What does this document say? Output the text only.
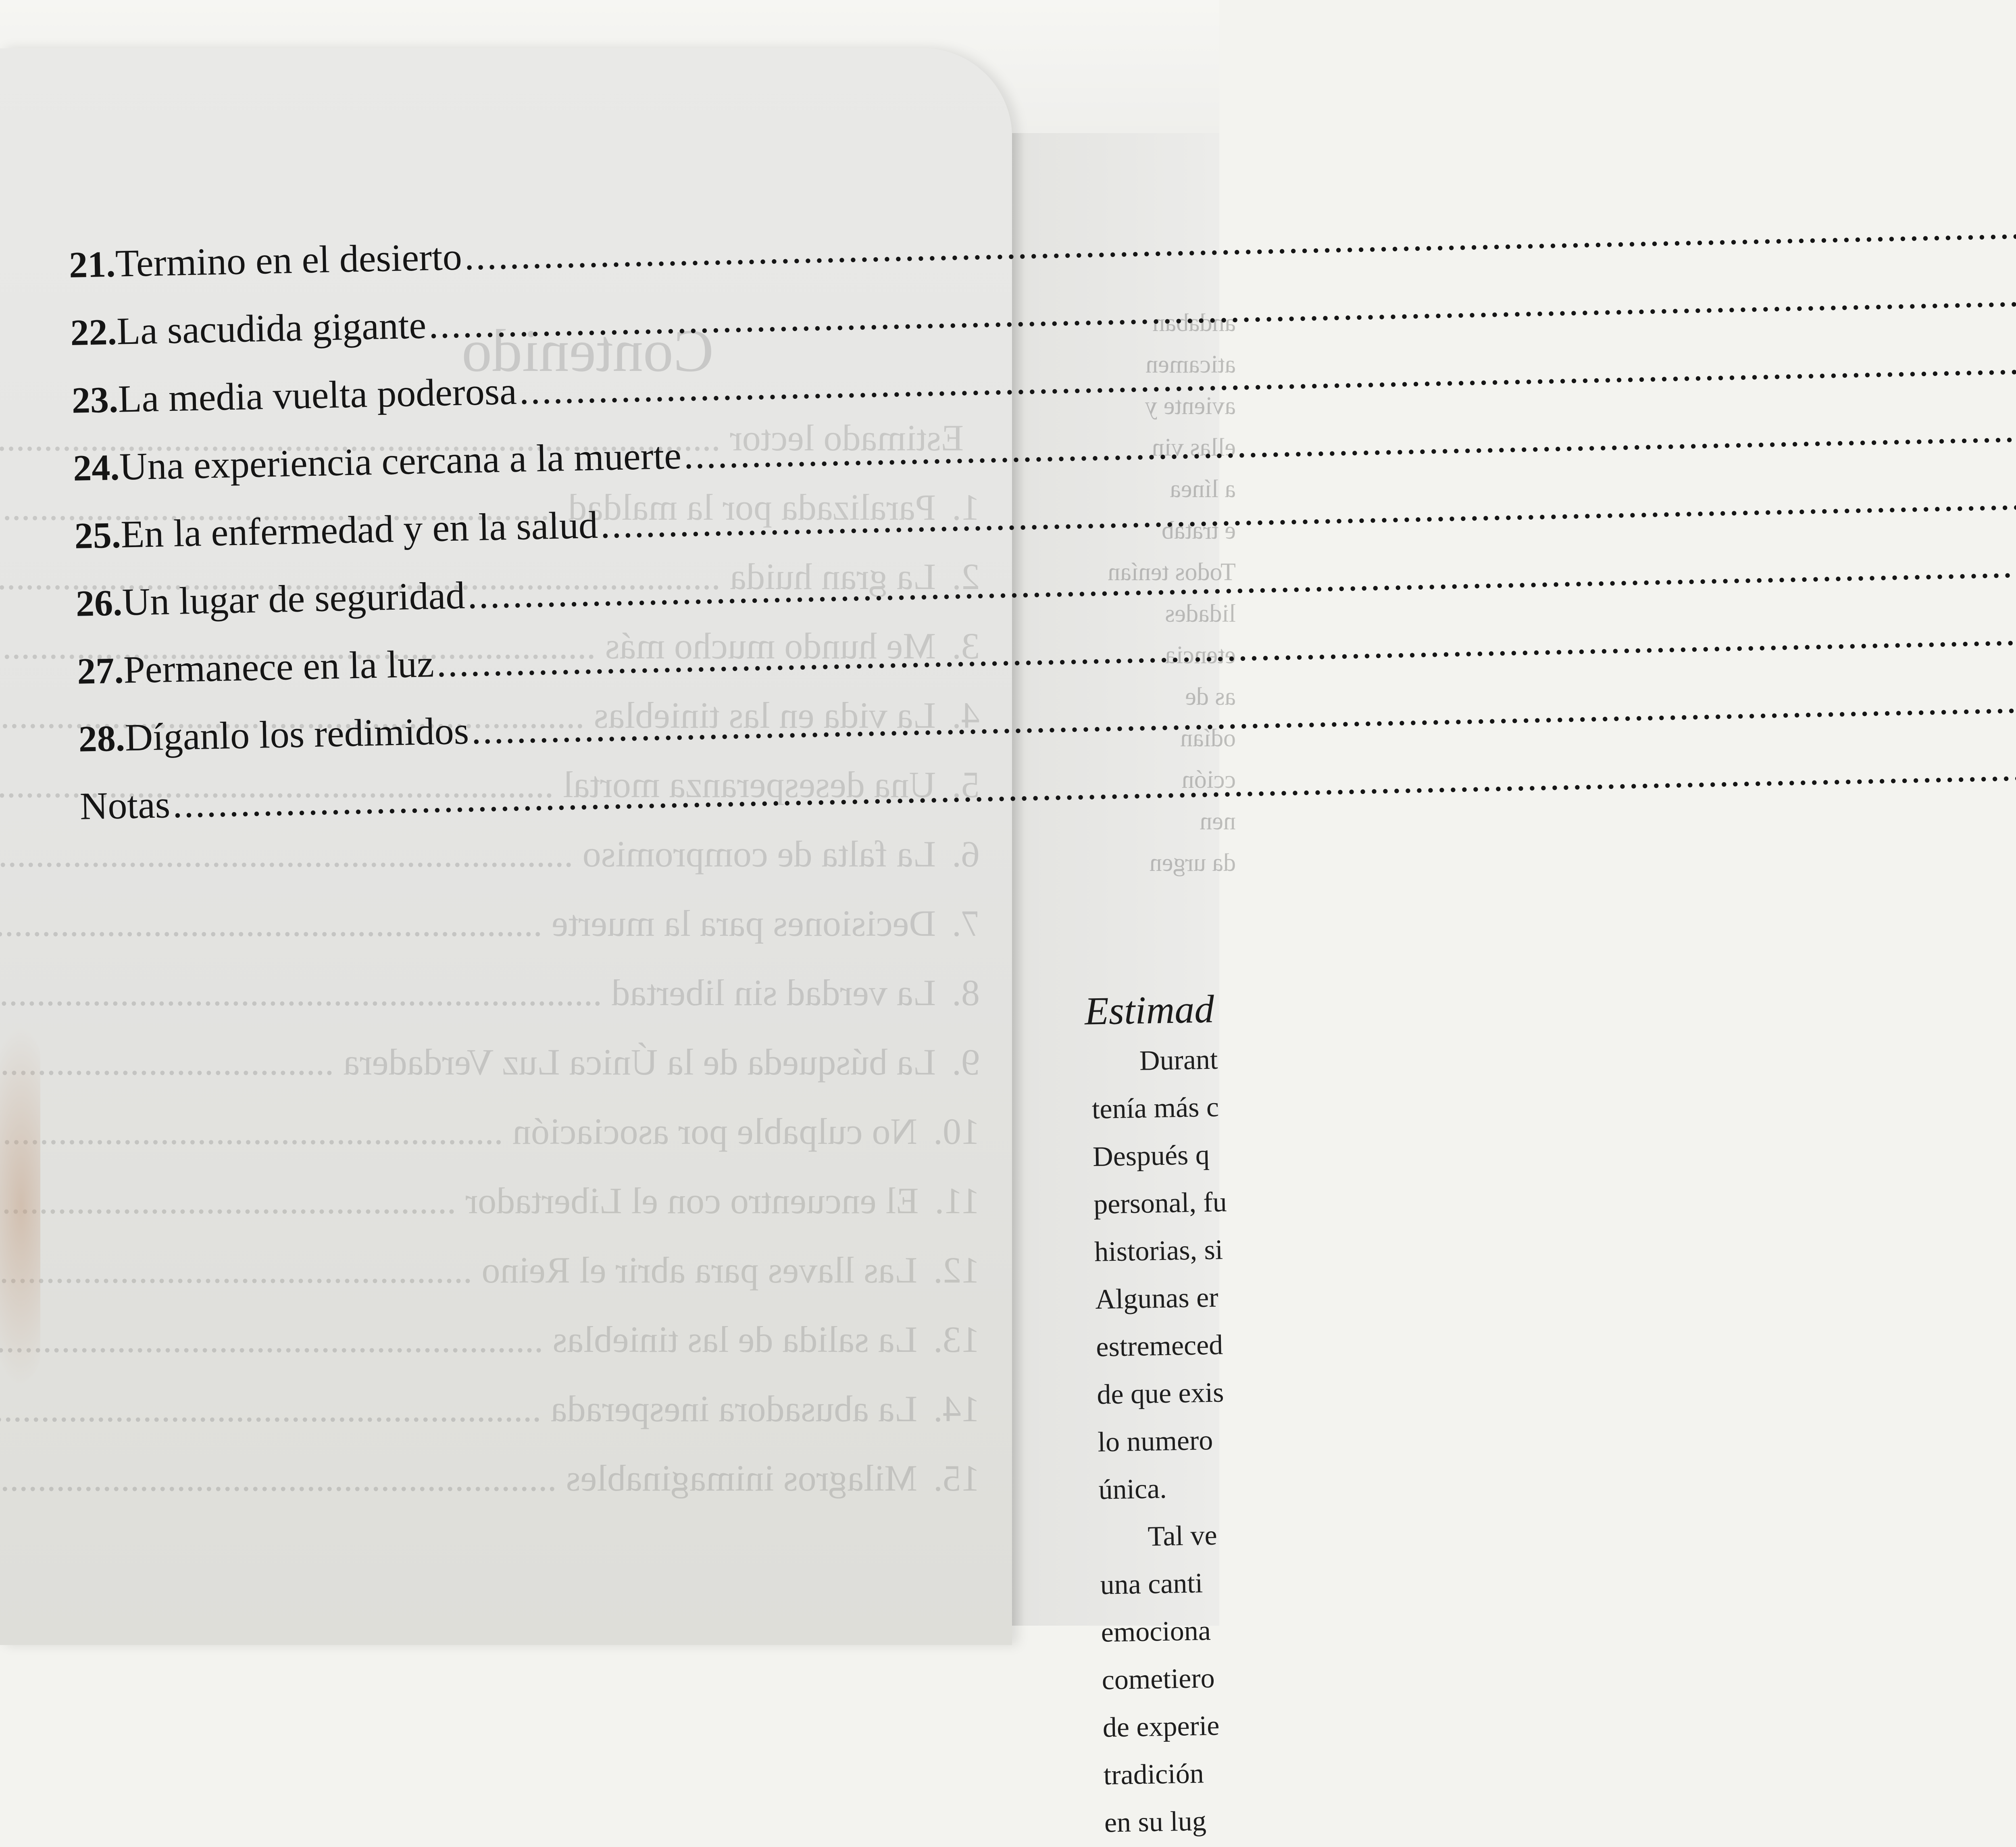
andaban
aticamen
aviente y
ellas vin
a línea
e tratab
Todos tenían
lidades
etencia
as de
odían
cción
nen
da urgen
Estimad
Durant
tenía más c
Después q
personal, fu
historias, si
Algunas er
estremeced
de que exis
lo numero
única.
Tal ve
una canti
emociona
cometiero
de experie
tradición
en su lug
Contenido
Estimado lector .....
1.
Paralizada por la maldad .....
2.
La gran huida .....
3.
Me hundo mucho más .....
4.
La vida en las tinieblas .....
5.
Una desesperanza mortal .....
6.
La falta de compromiso .....
7.
Decisiones para la muerte .....
8.
La verdad sin libertad .....
9.
La búsqueda de la Única Luz Verdadera .....
10.
No culpable por asociación .....
11.
El encuentro con el Libertador .....
12.
Las llaves para abrir el Reino .....
13.
La salida de las tinieblas .....
14.
La abusadora inesperada .....
15.
Milagros inimaginables .....
21.
Termino en el desierto .....
22.
La sacudida gigante .....
23.
La media vuelta poderosa .....
24.
Una experiencia cercana a la muerte .....
25.
En la enfermedad y en la salud .....
26.
Un lugar de seguridad .....
27.
Permanece en la luz .....
28.
Díganlo los redimidos .....
Notas .....
